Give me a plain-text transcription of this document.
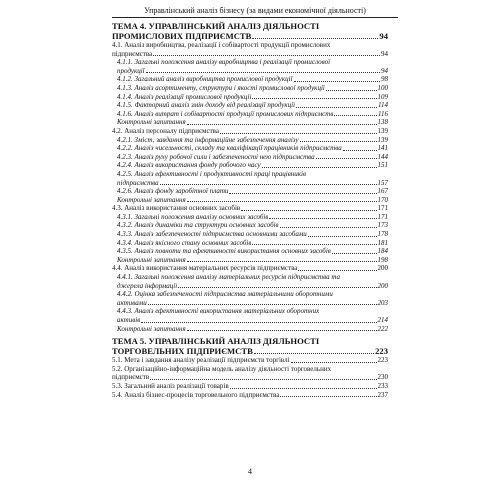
Управлінський аналіз бізнесу (за видами економічної діяльності)
ТЕМА 4. УПРАВЛІНСЬКИЙ АНАЛІЗ ДІЯЛЬНОСТІ
ПРОМИСЛОВИХ ПІДПРИЄМСТВ	94
4.1. Аналіз виробництва, реалізації і собівартості продукції промислових
підприємства	94
4.1.1. Загальні положення аналізу виробництва і реалізації промислової
продукції	94
4.1.2. Загальний аналіз виробництва промислової продукції	98
4.1.3. Аналіз асортименту, структури і якості промислової продукції	100
4.1.4. Аналіз реалізації промислової продукції	109
4.1.5. Факторний аналіз змін доходу від реалізації продукції	114
4.1.6. Аналіз витрат і собівартості продукції промислових підприємств	116
Контрольні запитання	138
4.2. Аналіз персоналу підприємства	139
4.2.1. Зміст, завдання та інформаційне забезпечення аналізу	139
4.2.2. Аналіз чисельності, складу та кваліфікації працівників підприємства	141
4.2.3. Аналіз руху робочої сили і забезпеченості нею підприємства	144
4.2.4. Аналіз використання фонду робочого часу	151
4.2.5. Аналіз ефективності і продуктивності праці працівників
підприємства	157
4.2.6. Аналіз фонду заробітної плати	167
Контрольні запитання	170
4.3. Аналіз використання основних засобів	171
4.3.1. Загальні положення аналізу основних засобів	171
4.3.2. Аналіз динаміки та структури основних засобів	173
4.3.3. Аналіз забезпеченості підприємства основними засобами	178
4.3.4. Аналіз якісного стану основних засобів	181
4.3.5. Аналіз повноти та ефективності використання основних засобів	184
Контрольні запитання	198
4.4. Аналіз використання матеріальних ресурсів підприємства	200
4.4.1. Загальні положення аналізу матеріальних ресурсів підприємства та
джерела інформації	200
4.4.2. Оцінка забезпеченості підприємства матеріальними оборотними
активами	203
4.4.3. Аналіз ефективності використання матеріальних оборотних
активів	214
Контрольні запитання	222
ТЕМА 5. УПРАВЛІНСЬКИЙ АНАЛІЗ ДІЯЛЬНОСТІ
ТОРГОВЕЛЬНИХ ПІДПРИЄМСТВ	223
5.1. Мета і завдання аналізу реалізації підприємств торгівлі	223
5.2. Організаційно-інформаційна модель аналізу діяльності торговельних
підприємств	230
5.3. Загальний аналіз реалізації товарів	233
5.4. Аналіз бізнес-процесів торговельного підприємства	237
4
